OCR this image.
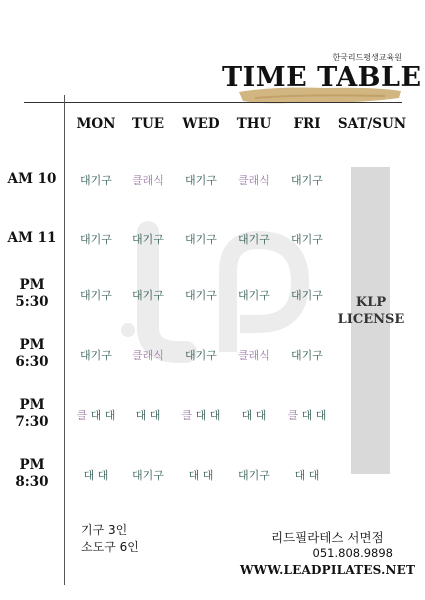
한국리드평생교육원
TIME TABLE
MON	TUE	WED	THU	FRI	SAT/SUN
KLP
LICENSE
AM 10	대기구	클래식	대기구	클래식	대기구
AM 11	대기구	대기구	대기구	대기구	대기구
PM
5:30	대기구	대기구	대기구	대기구	대기구
PM
6:30	대기구	클래식	대기구	클래식	대기구
PM
7:30	클 대 대	대 대	클 대 대	대 대	클 대 대
PM
8:30	대 대	대기구	대 대	대기구	대 대
기구 3인
소도구 6인
리드필라테스 서면점
051.808.9898
WWW.LEADPILATES.NET
